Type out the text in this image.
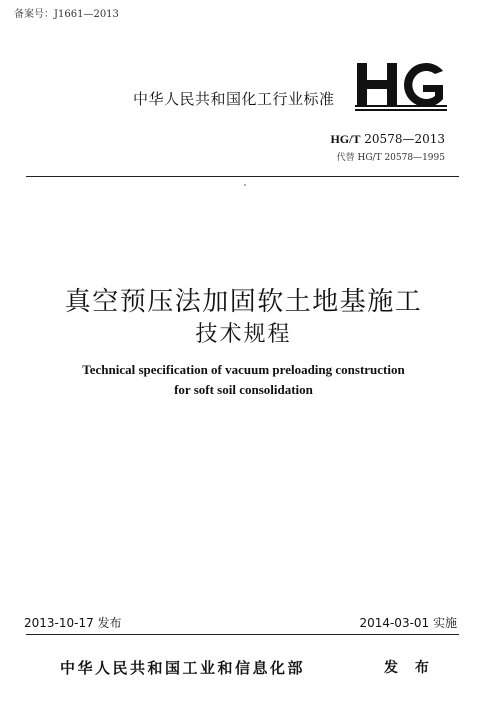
备案号：J1661—2013
中华人民共和国化工行业标准
HG/T 20578—2013
代替 HG/T 20578—1995
真空预压法加固软土地基施工
技术规程
Technical specification of vacuum preloading construction
for soft soil consolidation
2013-10-17 发布	2014-03-01 实施
中华人民共和国工业和信息化部	发 布
